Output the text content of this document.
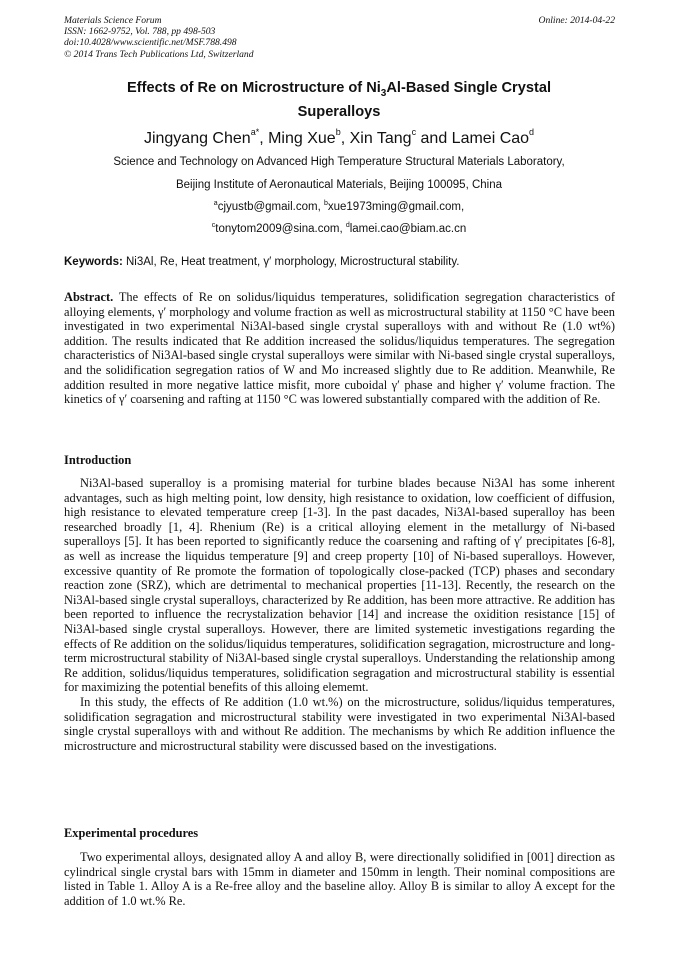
Materials Science Forum
ISSN: 1662-9752, Vol. 788, pp 498-503
doi:10.4028/www.scientific.net/MSF.788.498
© 2014 Trans Tech Publications Ltd, Switzerland
Online: 2014-04-22
Effects of Re on Microstructure of $Ni_3Al$-Based Single Crystal
Superalloys
Jingyang Chen$^{a*}$, Ming Xue$^b$, Xin Tang$^c$ and Lamei Cao$^d$
Science and Technology on Advanced High Temperature Structural Materials Laboratory,
Beijing Institute of Aeronautical Materials, Beijing 100095, China
$^a$cjyustb@gmail.com, $^b$xue1973ming@gmail.com,
$^c$tonytom2009@sina.com, $^d$lamei.cao@biam.ac.cn
Keywords: Ni3Al, Re, Heat treatment, γ′ morphology, Microstructural stability.

Abstract. The effects of Re on solidus/liquidus temperatures, solidification segregation characteristics of alloying elements, γ′ morphology and volume fraction as well as microstructural stability at 1150 °C have been investigated in two experimental Ni3Al-based single crystal superalloys with and without Re (1.0 wt%) addition. The results indicated that Re addition increased the solidus/liquidus temperatures. The segregation characteristics of Ni3Al-based single crystal superalloys were similar with Ni-based single crystal superalloys, and the solidification segregation ratios of W and Mo increased slightly due to Re addition. Meanwhile, Re addition resulted in more negative lattice misfit, more cuboidal γ′ phase and higher γ′ volume fraction. The kinetics of γ′ coarsening and rafting at 1150 °C was lowered substantially compared with the addition of Re.

Introduction

Ni3Al-based superalloy is a promising material for turbine blades because Ni3Al has some inherent advantages, such as high melting point, low density, high resistance to oxidation, low coefficient of diffusion, high resistance to elevated temperature creep [1-3]. In the past dacades, Ni3Al-based superalloy has been researched broadly [1, 4]. Rhenium (Re) is a critical alloying element in the metallurgy of Ni-based superalloys [5]. It has been reported to significantly reduce the coarsening and rafting of γ′ precipitates [6-8], as well as increase the liquidus temperature [9] and creep property [10] of Ni-based superalloys. However, excessive quantity of Re promote the formation of topologically close-packed (TCP) phases and secondary reaction zone (SRZ), which are detrimental to mechanical properties [11-13]. Recently, the research on the Ni3Al-based single crystal superalloys, characterized by Re addition, has been more attractive. Re addition has been reported to influence the recrystalization behavior [14] and increase the oxidition resistance [15] of Ni3Al-based single crystal superalloys. However, there are limited systemetic investigations regarding the effects of Re addition on the solidus/liquidus temperatures, solidification segragation, microstructure and long-term microstructural stability of Ni3Al-based single crystal superalloys. Understanding the relationship among Re addition, solidus/liquidus temperatures, solidification segragation and microstructural stability is essential for maximizing the potential benefits of this alloing elememt.

In this study, the effects of Re addition (1.0 wt.%) on the microstructure, solidus/liquidus temperatures, solidification segragation and microstructural stability were investigated in two experimental Ni3Al-based single crystal superalloys with and without Re addition. The mechanisms by which Re addition influence the microstructure and microstructural stability were discussed based on the investigations.

Experimental procedures

Two experimental alloys, designated alloy A and alloy B, were directionally solidified in [001] direction as cylindrical single crystal bars with 15mm in diameter and 150mm in length. Their nominal compositions are listed in Table 1. Alloy A is a Re-free alloy and the baseline alloy. Alloy B is similar to alloy A except for the addition of 1.0 wt.% Re.
